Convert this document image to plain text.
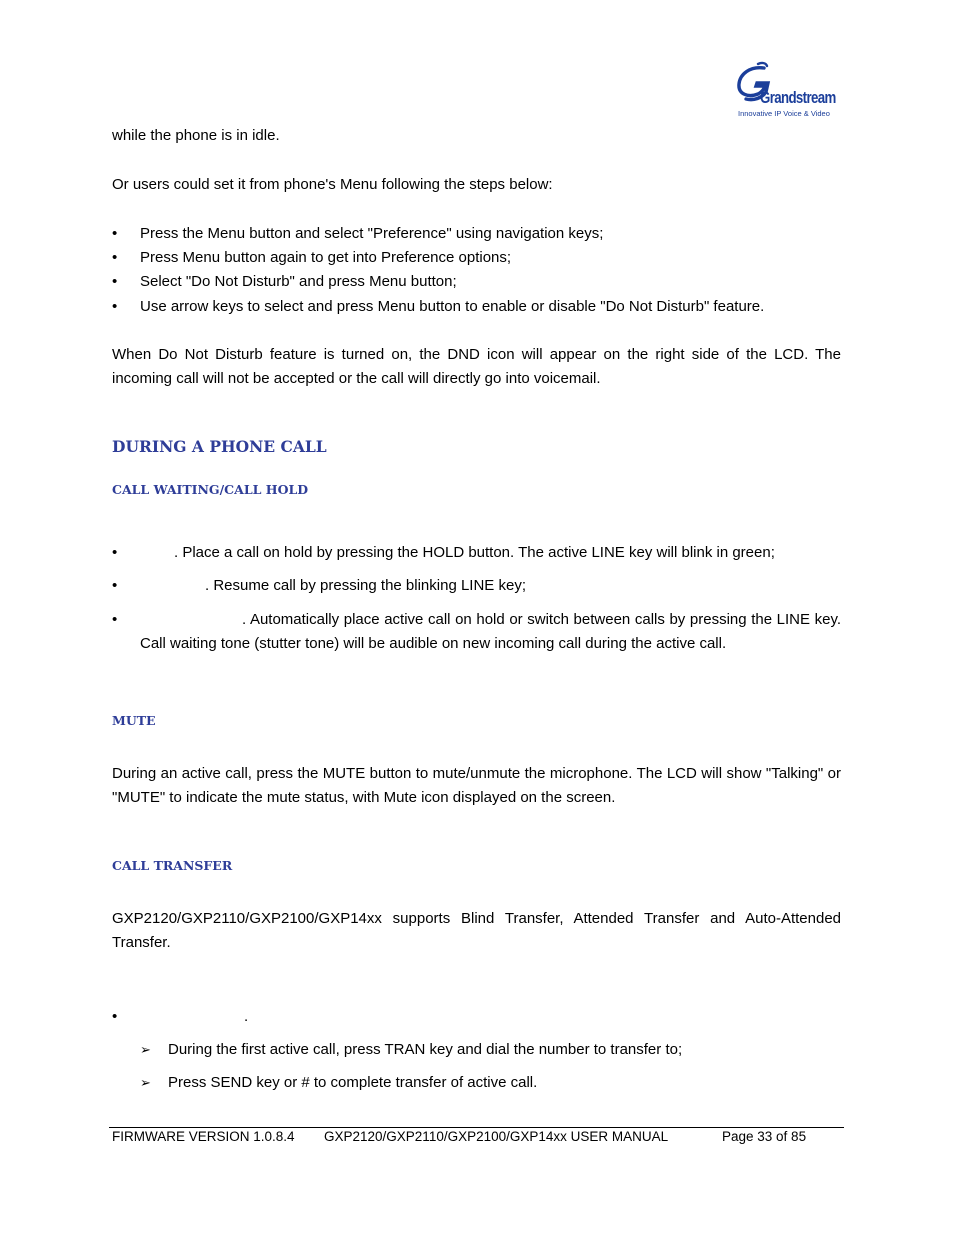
Grandstream
Innovative IP Voice & Video

while the phone is in idle.

Or users could set it from phone's Menu following the steps below:

•	Press the Menu button and select "Preference" using navigation keys;
•	Press Menu button again to get into Preference options;
•	Select "Do Not Disturb" and press Menu button;
•	Use arrow keys to select and press Menu button to enable or disable "Do Not Disturb" feature.

When Do Not Disturb feature is turned on, the DND icon will appear on the right side of the LCD. The incoming call will not be accepted or the call will directly go into voicemail.

DURING A PHONE CALL
CALL WAITING/CALL HOLD
•	. Place a call on hold by pressing the HOLD button. The active LINE key will blink in green;
•	. Resume call by pressing the blinking LINE key;
•	. Automatically place active call on hold or switch between calls by pressing the LINE key. Call waiting tone (stutter tone) will be audible on new incoming call during the active call.
MUTE

During an active call, press the MUTE button to mute/unmute the microphone. The LCD will show "Talking" or "MUTE" to indicate the mute status, with Mute icon displayed on the screen.

CALL TRANSFER

GXP2120/GXP2110/GXP2100/GXP14xx supports Blind Transfer, Attended Transfer and Auto-Attended Transfer.

•	.
➢ During the first active call, press TRAN key and dial the number to transfer to;
➢ Press SEND key or # to complete transfer of active call.
FIRMWARE VERSION 1.0.8.4 GXP2120/GXP2110/GXP2100/GXP14xx USER MANUAL	Page 33 of 85
